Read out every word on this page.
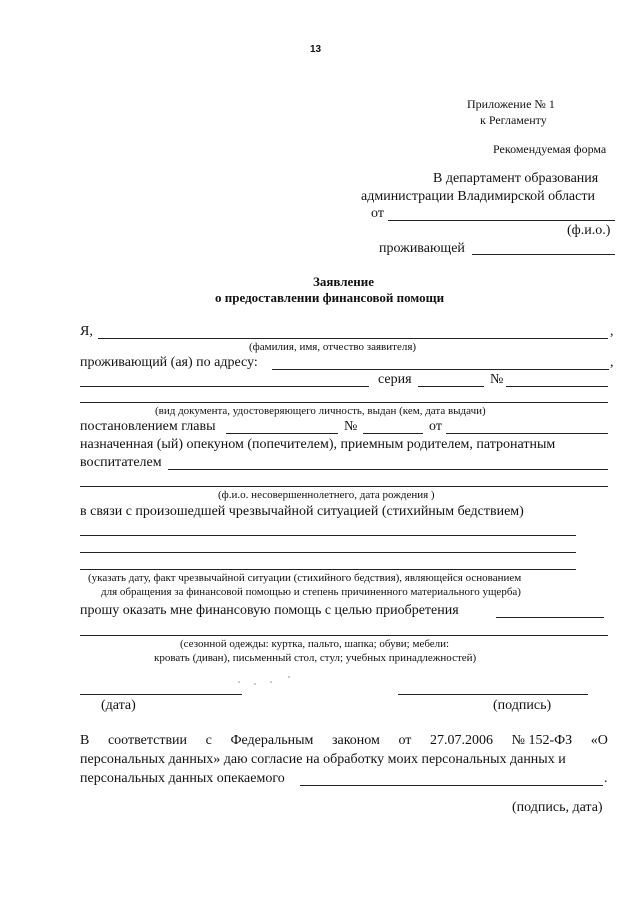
13
Приложение № 1
к Регламенту
Рекомендуемая форма
В департамент образования
администрации Владимирской области
от
(ф.и.о.)
проживающей
Заявление
о предоставлении финансовой помощи
Я,	,
(фамилия, имя, отчество заявителя)
проживающий (ая) по адресу:	,
серия	№
(вид документа, удостоверяющего личность, выдан (кем, дата выдачи)
постановлением главы	№	от
назначенная (ый) опекуном (попечителем), приемным родителем, патронатным
воспитателем
(ф.и.о. несовершеннолетнего, дата рождения )
в связи с произошедшей чрезвычайной ситуацией (стихийным бедствием)
(указать дату, факт чрезвычайной ситуации (стихийного бедствия), являющейся основанием
для обращения за финансовой помощью и степень причиненного материального ущерба)
прошу оказать мне финансовую помощь с целью приобретения
(сезонной одежды: куртка, пальто, шапка; обуви; мебели:
кровать (диван), письменный стол, стул; учебных принадлежностей)
(дата)	(подпись)
В соответствии с Федеральным законом от 27.07.2006 № 152-ФЗ «О
персональных данных» даю согласие на обработку моих персональных данных и
персональных данных опекаемого	.
(подпись, дата)
